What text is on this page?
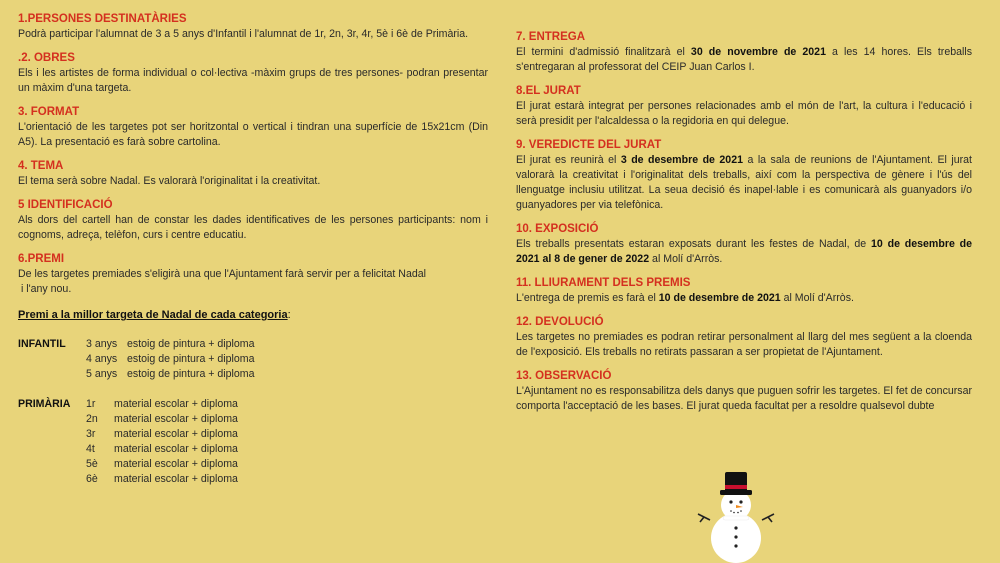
1.PERSONES DESTINATÀRIES
Podrà participar l'alumnat de 3 a 5 anys d'Infantil i l'alumnat de 1r, 2n, 3r, 4r, 5è i 6è de Primària.
.2. OBRES
Els i les artistes de forma individual o col·lectiva -màxim grups de tres persones- podran presentar un màxim d'una targeta.
3. FORMAT
L'orientació de les targetes pot ser horitzontal o vertical i tindran una superfície de 15x21cm (Din A5). La presentació es farà sobre cartolina.
4. TEMA
El tema serà sobre Nadal. Es valorarà l'originalitat i la creativitat.
5 IDENTIFICACIÓ
Als dors del cartell han de constar les dades identificatives de les persones participants: nom i cognoms, adreça, telèfon, curs i centre educatiu.
6.PREMI
De les targetes premiades s'eligirà una que l'Ajuntament farà servir per a felicitat Nadal
i l'any nou.
Premi a la millor targeta de Nadal de cada categoria:
INFANTIL	3 anys estoig de pintura + diploma
4 anys estoig de pintura + diploma
5 anys estoig de pintura + diploma
PRIMÀRIA	1r	material escolar + diploma
2n	material escolar + diploma
3r	material escolar + diploma
4t	material escolar + diploma
5è	material escolar + diploma
6è	material escolar + diploma
7. ENTREGA
El termini d'admissió finalitzarà el 30 de novembre de 2021 a les 14 hores. Els treballs s'entregaran al professorat del CEIP Juan Carlos I.
8.EL JURAT
El jurat estarà integrat per persones relacionades amb el món de l'art, la cultura i l'educació i serà presidit per l'alcaldessa o la regidoria en qui delegue.
9. VEREDICTE DEL JURAT
El jurat es reunirà el 3 de desembre de 2021 a la sala de reunions de l'Ajuntament. El jurat valorarà la creativitat i l'originalitat dels treballs, així com la perspectiva de gènere i l'ús del llenguatge inclusiu utilitzat. La seua decisió és inapel·lable i es comunicarà als guanyadors i/o guanyadores per via telefònica.
10. EXPOSICIÓ
Els treballs presentats estaran exposats durant les festes de Nadal, de 10 de desembre de 2021 al 8 de gener de 2022 al Molí d'Arròs.
11. LLIURAMENT DELS PREMIS
L'entrega de premis es farà el 10 de desembre de 2021 al Molí d'Arròs.
12. DEVOLUCIÓ
Les targetes no premiades es podran retirar personalment al llarg del mes següent a la cloenda de l'exposició. Els treballs no retirats passaran a ser propietat de l'Ajuntament.
13. OBSERVACIÓ
L'Ajuntament no es responsabilitza dels danys que puguen sofrir les targetes. El fet de concursar comporta l'acceptació de les bases. El jurat queda facultat per a resoldre qualsevol dubte
